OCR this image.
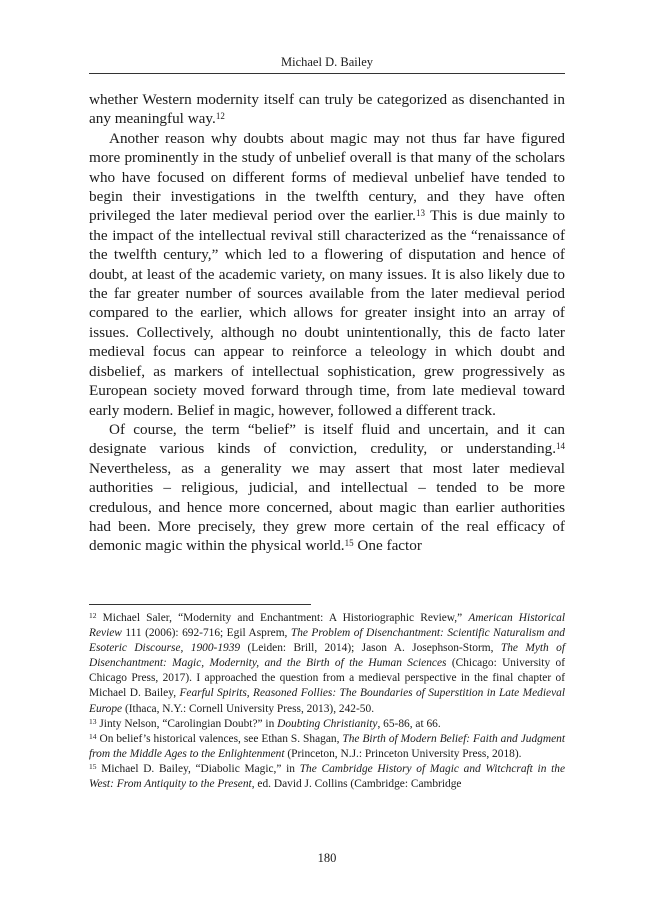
Michael D. Bailey

whether Western modernity itself can truly be categorized as disenchanted in any meaningful way.$^{12}$

Another reason why doubts about magic may not thus far have figured more prominently in the study of unbelief overall is that many of the scholars who have focused on different forms of medieval unbelief have tended to begin their investigations in the twelfth century, and they have often privileged the later medieval period over the earlier.$^{13}$ This is due mainly to the impact of the intellectual revival still characterized as the “renaissance of the twelfth century,” which led to a flowering of disputation and hence of doubt, at least of the academic variety, on many issues. It is also likely due to the far greater number of sources available from the later medieval period compared to the earlier, which allows for greater insight into an array of issues. Collectively, although no doubt unintentionally, this de facto later medieval focus can appear to reinforce a teleology in which doubt and disbelief, as markers of intellectual sophistication, grew progressively as European society moved forward through time, from late medieval toward early modern. Belief in magic, however, followed a different track.

Of course, the term “belief” is itself fluid and uncertain, and it can designate various kinds of conviction, credulity, or understanding.$^{14}$ Nevertheless, as a generality we may assert that most later medieval authorities – religious, judicial, and intellectual – tended to be more credulous, and hence more concerned, about magic than earlier authorities had been. More precisely, they grew more certain of the real efficacy of demonic magic within the physical world.$^{15}$ One factor

$^{12}$ Michael Saler, “Modernity and Enchantment: A Historiographic Review,” American Historical Review 111 (2006): 692-716; Egil Asprem, The Problem of Disenchantment: Scientific Naturalism and Esoteric Discourse, 1900-1939 (Leiden: Brill, 2014); Jason A. Josephson-Storm, The Myth of Disenchantment: Magic, Modernity, and the Birth of the Human Sciences (Chicago: University of Chicago Press, 2017). I approached the question from a medieval perspective in the final chapter of Michael D. Bailey, Fearful Spirits, Reasoned Follies: The Boundaries of Superstition in Late Medieval Europe (Ithaca, N.Y.: Cornell University Press, 2013), 242-50.

$^{13}$ Jinty Nelson, “Carolingian Doubt?” in Doubting Christianity, 65-86, at 66.

$^{14}$ On belief’s historical valences, see Ethan S. Shagan, The Birth of Modern Belief: Faith and Judgment from the Middle Ages to the Enlightenment (Princeton, N.J.: Princeton University Press, 2018).

$^{15}$ Michael D. Bailey, “Diabolic Magic,” in The Cambridge History of Magic and Witchcraft in the West: From Antiquity to the Present, ed. David J. Collins (Cambridge: Cambridge

180
